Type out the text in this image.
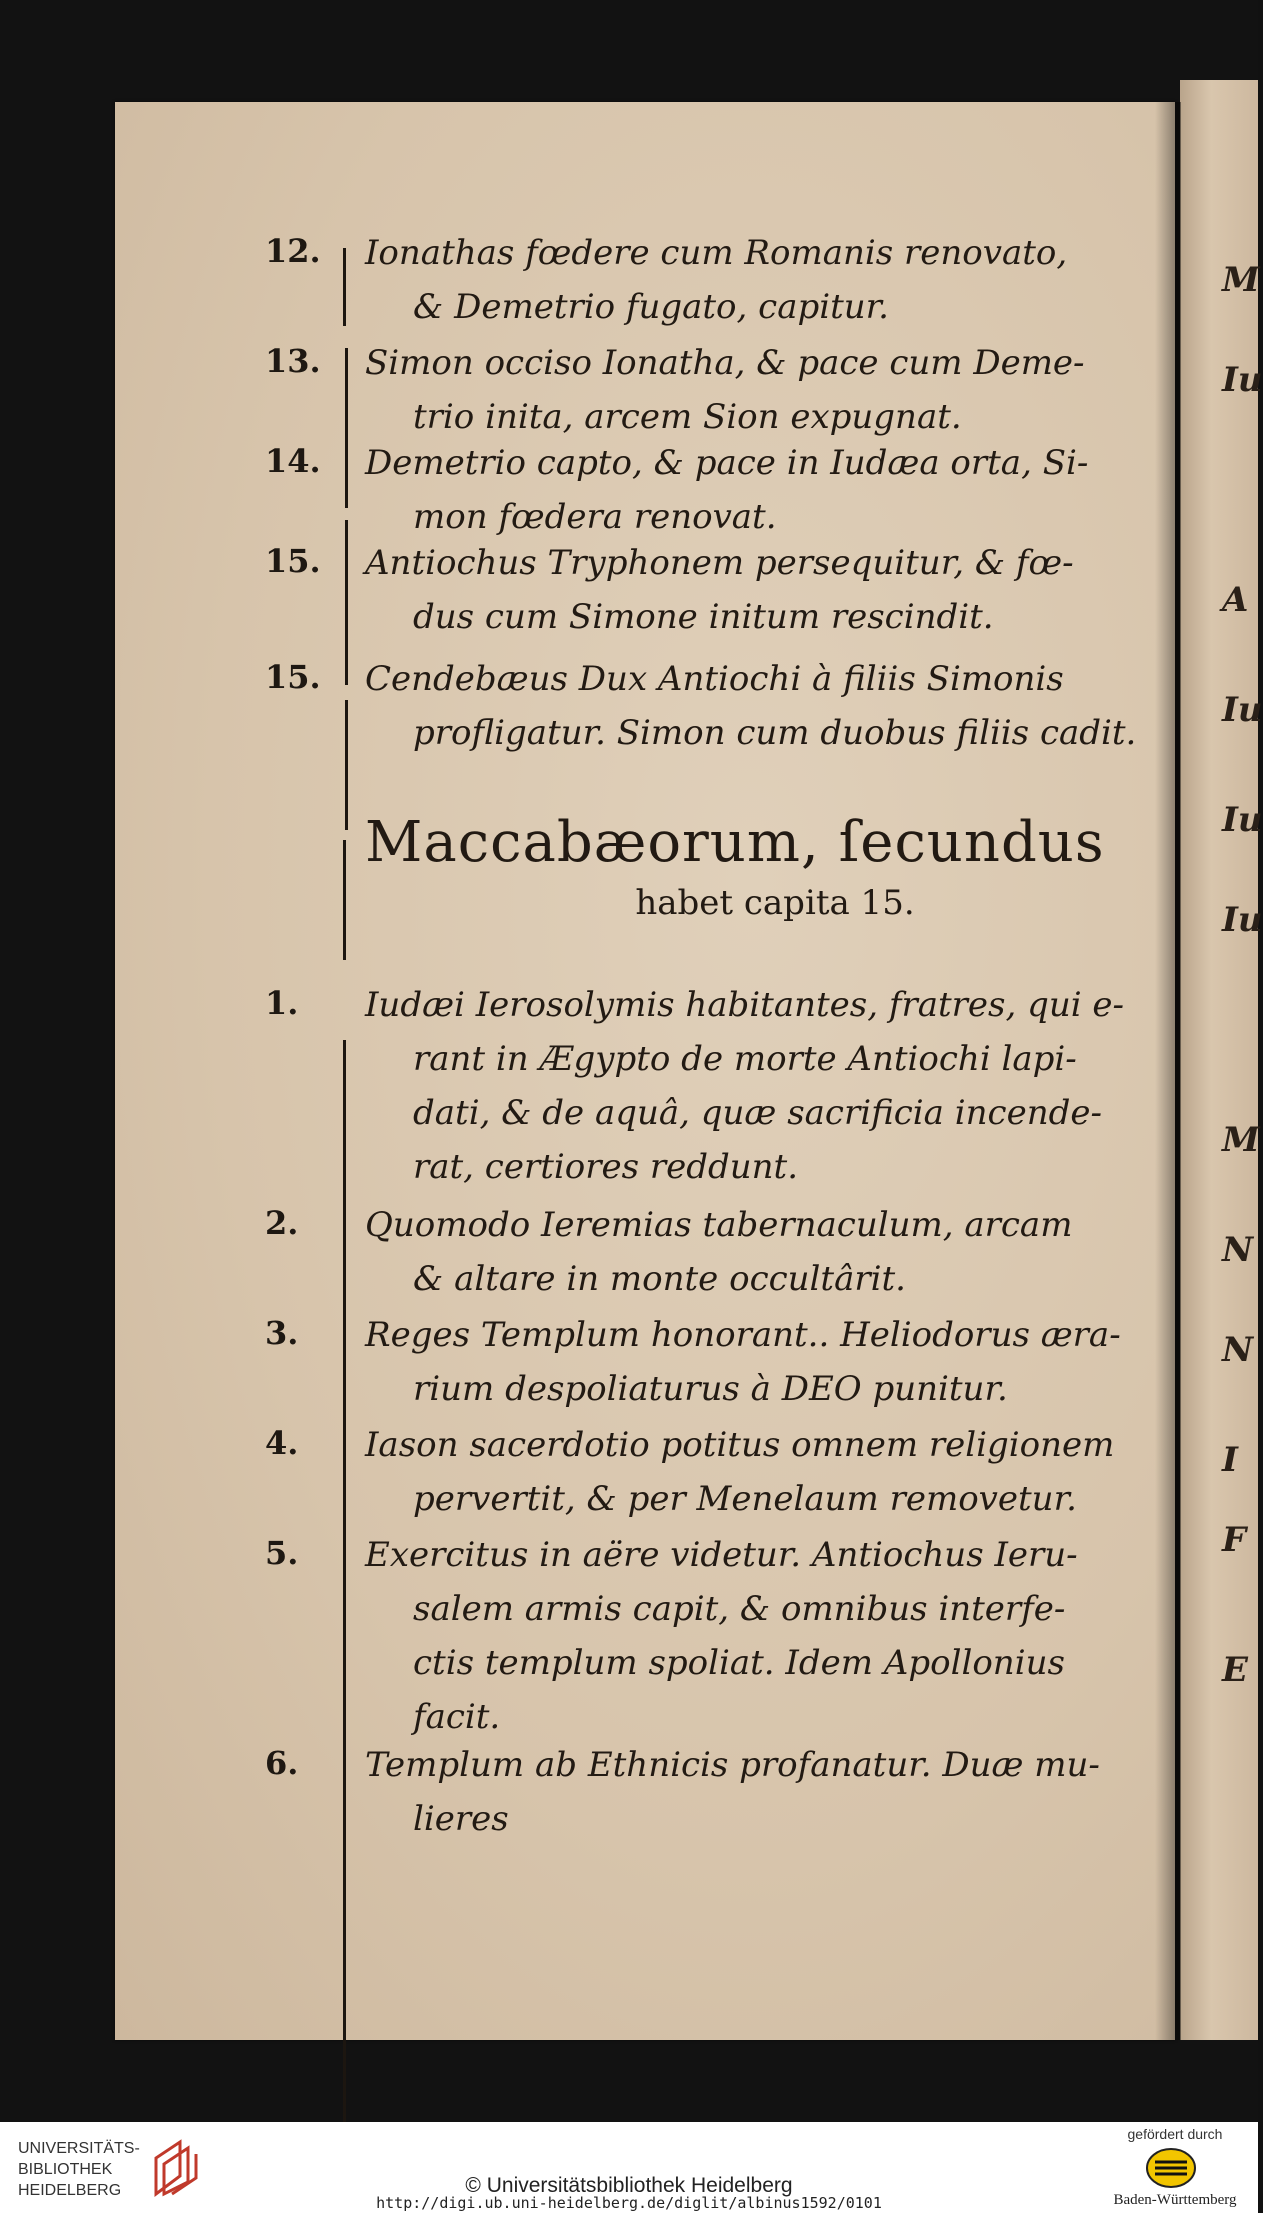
M
Iu
A
Iu
Iu
Iu
M
N
N
I
F
E
12.	Ionathas fœdere cum Romanis renovato,
& Demetrio fugato, capitur.
13.	Simon occiso Ionatha, & pace cum Deme-
trio inita, arcem Sion expugnat.
14.	Demetrio capto, & pace in Iudæa orta, Si-
mon fœdera renovat.
15.	Antiochus Tryphonem persequitur, & fœ-
dus cum Simone initum rescindit.
15.	Cendebæus Dux Antiochi à filiis Simonis
profligatur. Simon cum duobus filiis cadit.
Maccabæorum, ſecundus
habet capita 15.
1.	Iudæi Ierosolymis habitantes, fratres, qui e-
rant in Ægypto de morte Antiochi lapi-
dati, & de aquâ, quæ sacrificia incende-
rat, certiores reddunt.
2.	Quomodo Ieremias tabernaculum, arcam
& altare in monte occultârit.
3.	Reges Templum honorant.. Heliodorus æra-
rium despoliaturus à DEO punitur.
4.	Iason sacerdotio potitus omnem religionem
pervertit, & per Menelaum removetur.
5.	Exercitus in aëre videtur. Antiochus Ieru-
salem armis capit, & omnibus interfe-
ctis templum spoliat. Idem Apollonius
facit.
6.	Templum ab Ethnicis profanatur. Duæ mu-
lieres
UNIVERSITÄTS-
BIBLIOTHEK
HEIDELBERG	© Universitätsbibliothek Heidelberg
http://digi.ub.uni-heidelberg.de/diglit/albinus1592/0101
gefördert durch
Baden-Württemberg
